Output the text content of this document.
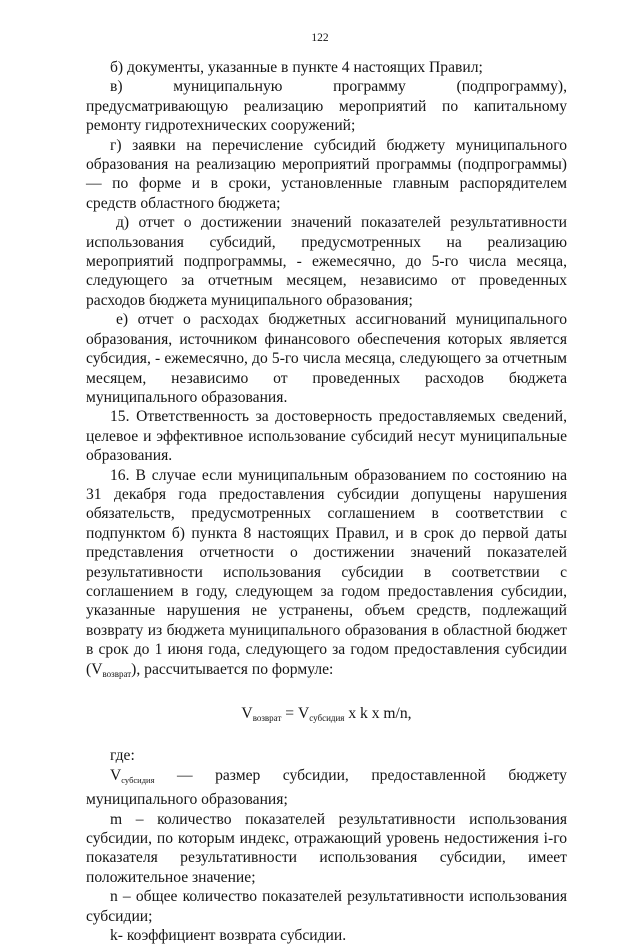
122

б) документы, указанные в пункте 4 настоящих Правил;

в) муниципальную программу (подпрограмму), предусматривающую реализацию мероприятий по капитальному ремонту гидротехнических сооружений;

г) заявки на перечисление субсидий бюджету муниципального образования на реализацию мероприятий программы (подпрограммы) — по форме и в сроки, установленные главным распорядителем средств областного бюджета;

д) отчет о достижении значений показателей результативности использования субсидий, предусмотренных на реализацию мероприятий подпрограммы, - ежемесячно, до 5-го числа месяца, следующего за отчетным месяцем, независимо от проведенных расходов бюджета муниципального образования;

е) отчет о расходах бюджетных ассигнований муниципального образования, источником финансового обеспечения которых является субсидия, - ежемесячно, до 5-го числа месяца, следующего за отчетным месяцем, независимо от проведенных расходов бюджета муниципального образования.

15. Ответственность за достоверность предоставляемых сведений, целевое и эффективное использование субсидий несут муниципальные образования.

16. В случае если муниципальным образованием по состоянию на 31 декабря года предоставления субсидии допущены нарушения обязательств, предусмотренных соглашением в соответствии с подпунктом б) пункта 8 настоящих Правил, и в срок до первой даты представления отчетности о достижении значений показателей результативности использования субсидии в соответствии с соглашением в году, следующем за годом предоставления субсидии, указанные нарушения не устранены, объем средств, подлежащий возврату из бюджета муниципального образования в областной бюджет в срок до 1 июня года, следующего за годом предоставления субсидии $(V_{возврат})$, рассчитывается по формуле:

$V_{возврат} = V_{субсидия}$ x k x m/n,

где:

Vсубсидия — размер субсидии, предоставленной бюджету

муниципального образования;

m – количество показателей результативности использования субсидии, по которым индекс, отражающий уровень недостижения i-го показателя результативности использования субсидии, имеет положительное значение;

n – общее количество показателей результативности использования субсидии;

k- коэффициент возврата субсидии.
